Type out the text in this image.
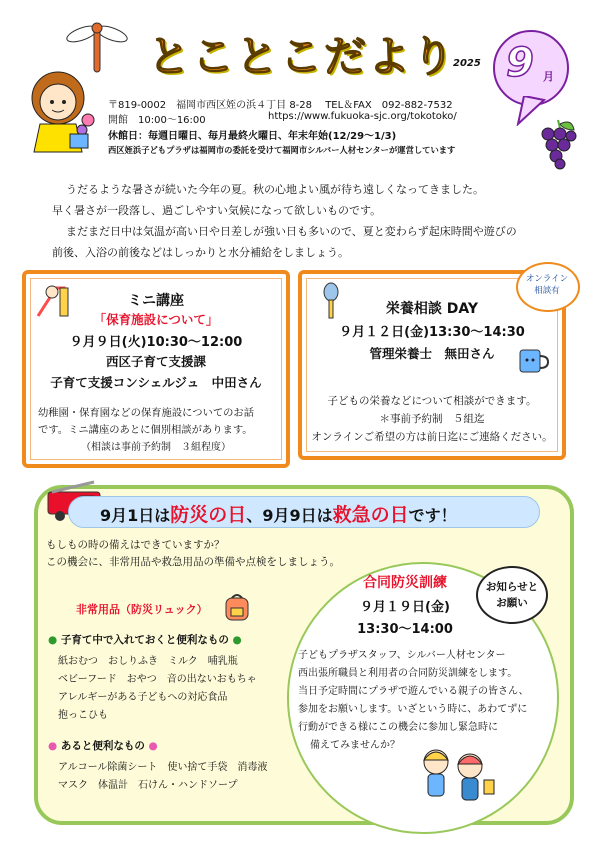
とことこだより
2025 9 月
〒819-0002　福岡市西区姪の浜４丁目 8-28　 TEL＆FAX　092-882-7532
開館　10:00～16:00	https://www.fukuoka-sjc.org/tokotoko/
休館日：毎週日曜日、毎月最終火曜日、年末年始(12/29～1/3)
西区姪浜子どもプラザは福岡市の委託を受けて福岡市シルバー人材センターが運営しています
うだるような暑さが続いた今年の夏。秋の心地よい風が待ち遠しくなってきました。
早く暑さが一段落し、過ごしやすい気候になって欲しいものです。
まだまだ日中は気温が高い日や日差しが強い日も多いので、夏と変わらず起床時間や遊びの
前後、入浴の前後などはしっかりと水分補給をしましょう。
ミニ講座
「保育施設について」
９月９日(火)10:30～12:00
西区子育て支援課
子育て支援コンシェルジュ　中田さん
幼稚園・保育園などの保育施設についてのお話
です。ミニ講座のあとに個別相談があります。
（相談は事前予約制　３組程度）
オンライン
相談有
栄養相談 DAY
９月１２日(金)13:30～14:30
管理栄養士　無田さん
子どもの栄養などについて相談ができます。
＊事前予約制　５組迄
オンラインご希望の方は前日迄にご連絡ください。
9月1日は防災の日、9月9日は救急の日です！
もしもの時の備えはできていますか？
この機会に、非常用品や救急用品の準備や点検をしましょう。
非常用品（防災リュック）
● 子育て中で入れておくと便利なもの ●
紙おむつ　おしりふき　ミルク　哺乳瓶
ベビーフード　おやつ　音の出ないおもちゃ
アレルギーがある子どもへの対応食品
抱っこひも
● あると便利なもの ●
アルコール除菌シート　使い捨て手袋　消毒液
マスク　体温計　石けん・ハンドソープ
お知らせと
お願い
合同防災訓練
９月１９日(金)
13:30～14:00
子どもプラザスタッフ、シルバー人材センター
西出張所職員と利用者の合同防災訓練をします。
当日予定時間にプラザで遊んでいる親子の皆さん、
参加をお願いします。いざという時に、あわてずに
行動ができる様にこの機会に参加し緊急時に
備えてみませんか？
